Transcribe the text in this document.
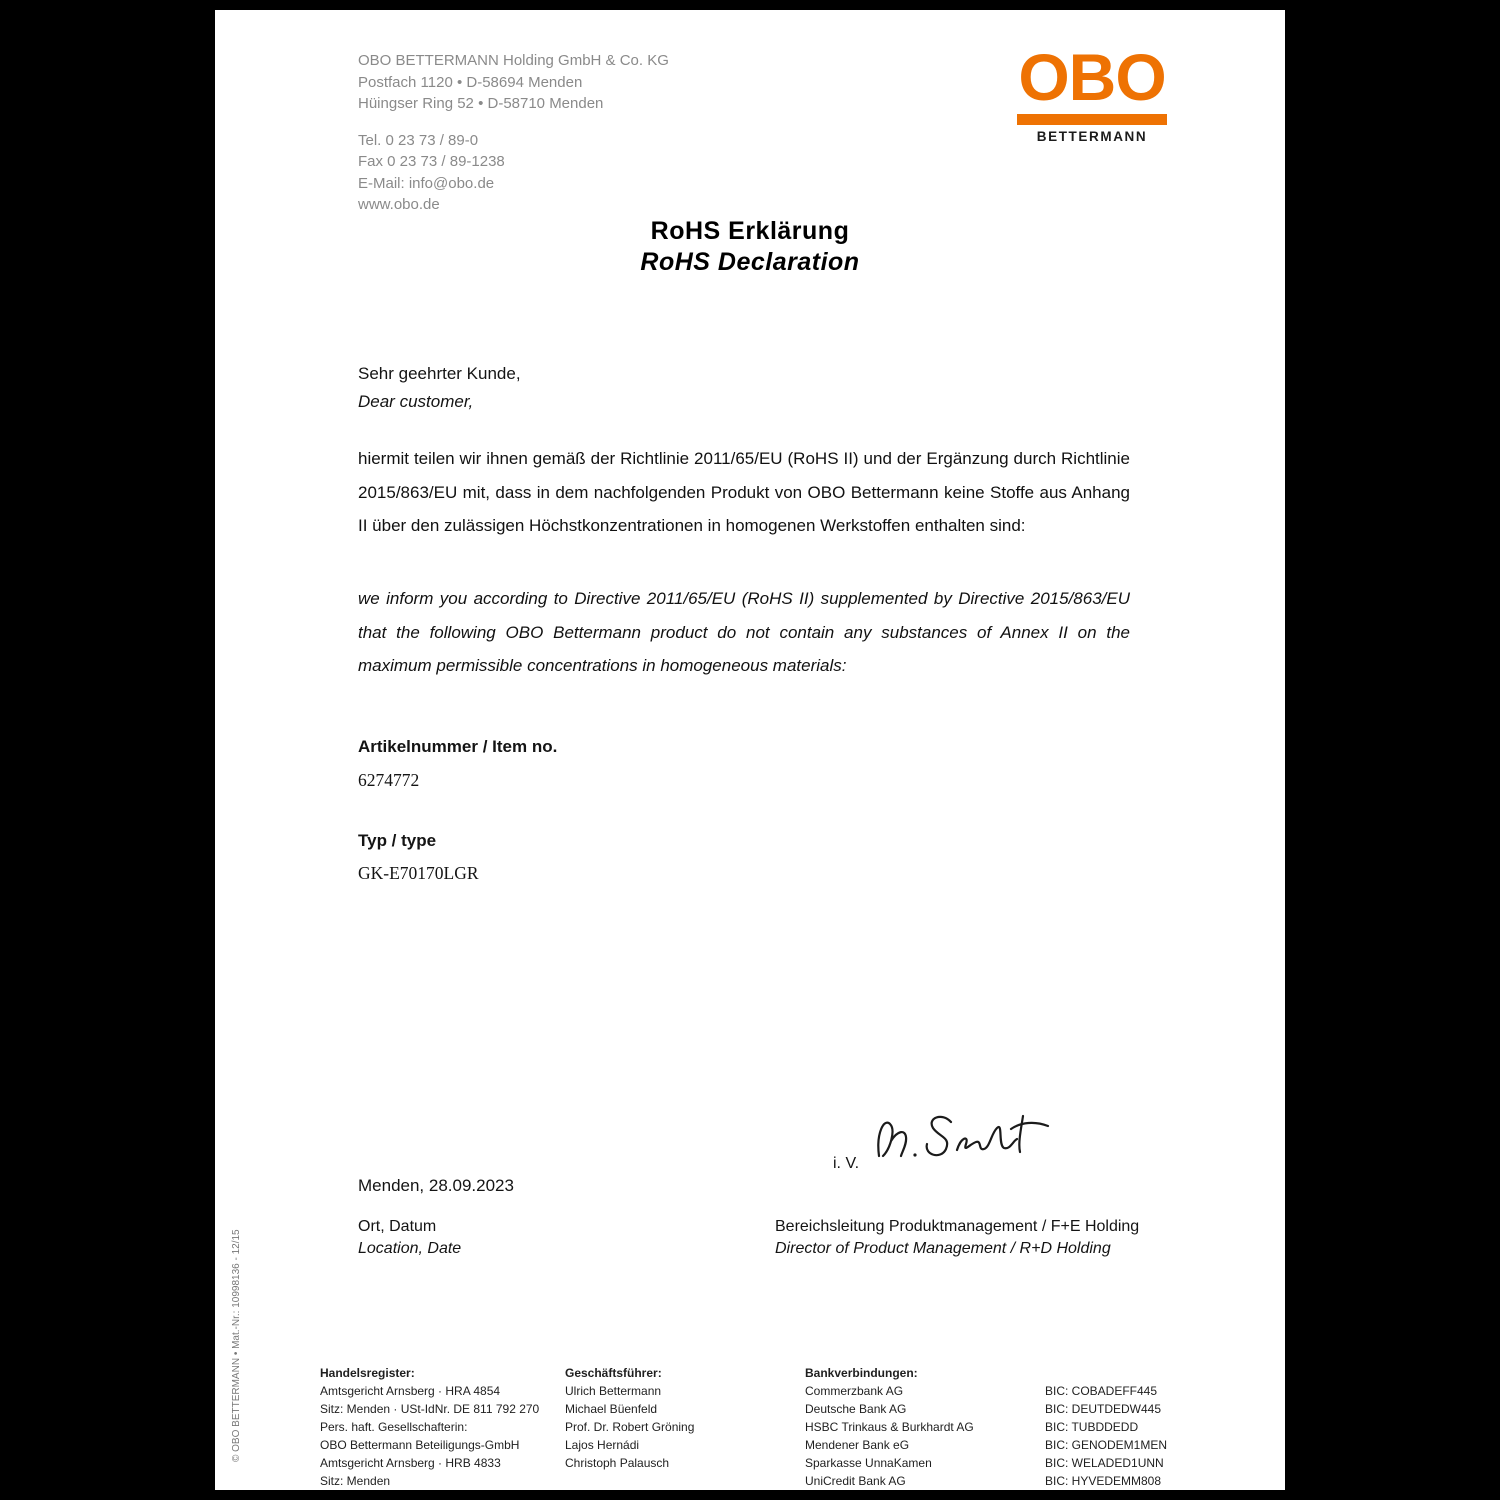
OBO BETTERMANN Holding GmbH & Co. KG
Postfach 1120 • D-58694 Menden
Hüingser Ring 52 • D-58710 Menden
Tel. 0 23 73 / 89-0
Fax 0 23 73 / 89-1238
E-Mail: info@obo.de
www.obo.de
OBO
BETTERMANN
RoHS Erklärung
RoHS Declaration
Sehr geehrter Kunde,
Dear customer,
hiermit teilen wir ihnen gemäß der Richtlinie 2011/65/EU (RoHS II) und der Ergänzung durch Richtlinie 2015/863/EU mit, dass in dem nachfolgenden Produkt von OBO Bettermann keine Stoffe aus Anhang II über den zulässigen Höchstkonzentrationen in homogenen Werkstoffen enthalten sind:
we inform you according to Directive 2011/65/EU (RoHS II) supplemented by Directive 2015/863/EU that the following OBO Bettermann product do not contain any substances of Annex II on the maximum permissible concentrations in homogeneous materials:
Artikelnummer / Item no.
6274772
Typ / type
GK-E70170LGR
i. V.
Menden, 28.09.2023
Ort, Datum
Location, Date
Bereichsleitung Produktmanagement / F+E Holding
Director of Product Management / R+D Holding
© OBO BETTERMANN • Mat.-Nr.: 10998136 - 12/15	Handelsregister:
Amtsgericht Arnsberg · HRA 4854
Sitz: Menden · USt-IdNr. DE 811 792 270
Pers. haft. Gesellschafterin:
OBO Bettermann Beteiligungs-GmbH
Amtsgericht Arnsberg · HRB 4833
Sitz: Menden
Geschäftsführer:
Ulrich Bettermann
Michael Büenfeld
Prof. Dr. Robert Gröning
Lajos Hernádi
Christoph Palausch
Bankverbindungen:
Commerzbank AG
Deutsche Bank AG
HSBC Trinkaus & Burkhardt AG
Mendener Bank eG
Sparkasse UnnaKamen
UniCredit Bank AG
BIC: COBADEFF445
BIC: DEUTDEDW445
BIC: TUBDDEDD
BIC: GENODEM1MEN
BIC: WELADED1UNN
BIC: HYVEDEMM808
